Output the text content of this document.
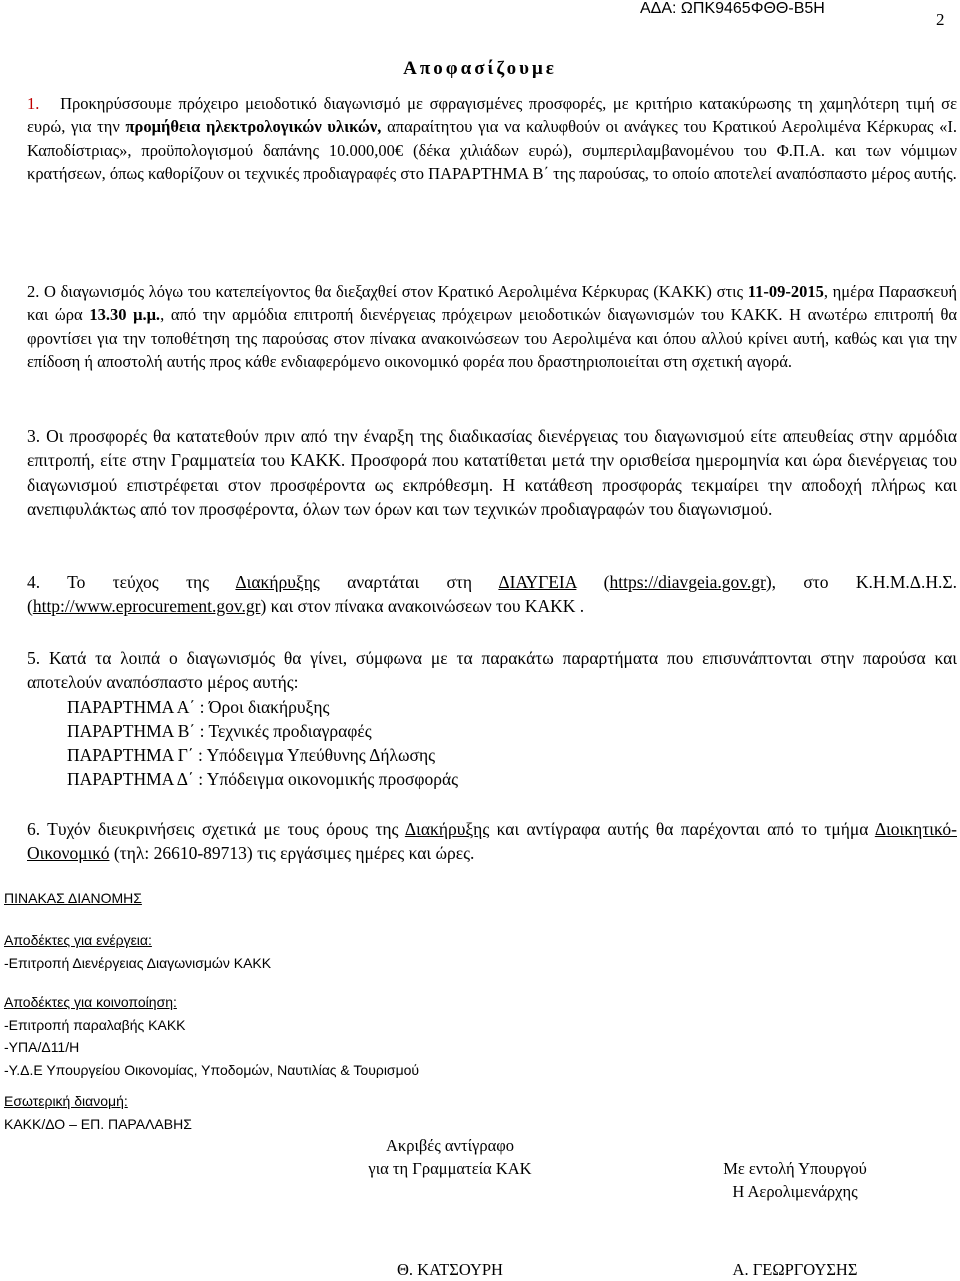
ΑΔΑ: ΩΠΚ9465ΦΘΘ-Β5Η
2
Αποφασίζουμε
1. Προκηρύσσουμε πρόχειρο μειοδοτικό διαγωνισμό με σφραγισμένες προσφορές, με κριτήριο κατακύρωσης τη χαμηλότερη τιμή σε ευρώ, για την προμήθεια ηλεκτρολογικών υλικών, απαραίτητου για να καλυφθούν οι ανάγκες του Κρατικού Αερολιμένα Κέρκυρας «Ι. Καποδίστριας», προϋπολογισμού δαπάνης 10.000,00€ (δέκα χιλιάδων ευρώ), συμπεριλαμβανομένου του Φ.Π.Α. και των νόμιμων κρατήσεων, όπως καθορίζουν οι τεχνικές προδιαγραφές στο ΠΑΡΑΡΤΗΜΑ Β΄ της παρούσας, το οποίο αποτελεί αναπόσπαστο μέρος αυτής.
2. Ο διαγωνισμός λόγω του κατεπείγοντος θα διεξαχθεί στον Κρατικό Αερολιμένα Κέρκυρας (ΚΑΚΚ) στις 11-09-2015, ημέρα Παρασκευή και ώρα 13.30 μ.μ., από την αρμόδια επιτροπή διενέργειας πρόχειρων μειοδοτικών διαγωνισμών του ΚΑΚΚ. Η ανωτέρω επιτροπή θα φροντίσει για την τοποθέτηση της παρούσας στον πίνακα ανακοινώσεων του Αερολιμένα και όπου αλλού κρίνει αυτή, καθώς και για την επίδοση ή αποστολή αυτής προς κάθε ενδιαφερόμενο οικονομικό φορέα που δραστηριοποιείται στη σχετική αγορά.
3. Οι προσφορές θα κατατεθούν πριν από την έναρξη της διαδικασίας διενέργειας του διαγωνισμού είτε απευθείας στην αρμόδια επιτροπή, είτε στην Γραμματεία του ΚΑΚΚ. Προσφορά που κατατίθεται μετά την ορισθείσα ημερομηνία και ώρα διενέργειας του διαγωνισμού επιστρέφεται στον προσφέροντα ως εκπρόθεσμη. Η κατάθεση προσφοράς τεκμαίρει την αποδοχή πλήρως και ανεπιφυλάκτως από τον προσφέροντα, όλων των όρων και των τεχνικών προδιαγραφών του διαγωνισμού.
4. Το τεύχος της Διακήρυξης αναρτάται στη ΔΙΑΥΓΕΙΑ (https://diavgeia.gov.gr), στο Κ.Η.Μ.Δ.Η.Σ. (http://www.eprocurement.gov.gr) και στον πίνακα ανακοινώσεων του ΚΑΚΚ .
5. Κατά τα λοιπά ο διαγωνισμός θα γίνει, σύμφωνα με τα παρακάτω παραρτήματα που επισυνάπτονται στην παρούσα και αποτελούν αναπόσπαστο μέρος αυτής:
ΠΑΡΑΡΤΗΜΑ Α΄ : Όροι διακήρυξης
ΠΑΡΑΡΤΗΜΑ Β΄ : Τεχνικές προδιαγραφές
ΠΑΡΑΡΤΗΜΑ Γ΄ : Υπόδειγμα Υπεύθυνης Δήλωσης
ΠΑΡΑΡΤΗΜΑ Δ΄ : Υπόδειγμα οικονομικής προσφοράς
6. Τυχόν διευκρινήσεις σχετικά με τους όρους της Διακήρυξης και αντίγραφα αυτής θα παρέχονται από το τμήμα Διοικητικό-Οικονομικό (τηλ: 26610-89713) τις εργάσιμες ημέρες και ώρες.
ΠΙΝΑΚΑΣ ΔΙΑΝΟΜΗΣ
Αποδέκτες για ενέργεια:
-Επιτροπή Διενέργειας Διαγωνισμών ΚΑΚΚ
Αποδέκτες για κοινοποίηση:
-Επιτροπή παραλαβής ΚΑΚΚ
-ΥΠΑ/Δ11/Η
-Υ.Δ.Ε Υπουργείου Οικονομίας, Υποδομών, Ναυτιλίας & Τουρισμού
Εσωτερική διανομή:
ΚΑΚΚ/ΔΟ – ΕΠ. ΠΑΡΑΛΑΒΗΣ
Ακριβές αντίγραφο
για τη Γραμματεία ΚΑΚ	Με εντολή Υπουργού
Η Αερολιμενάρχης
Θ. ΚΑΤΣΟΥΡΗ	Α. ΓΕΩΡΓΟΥΣΗΣ
